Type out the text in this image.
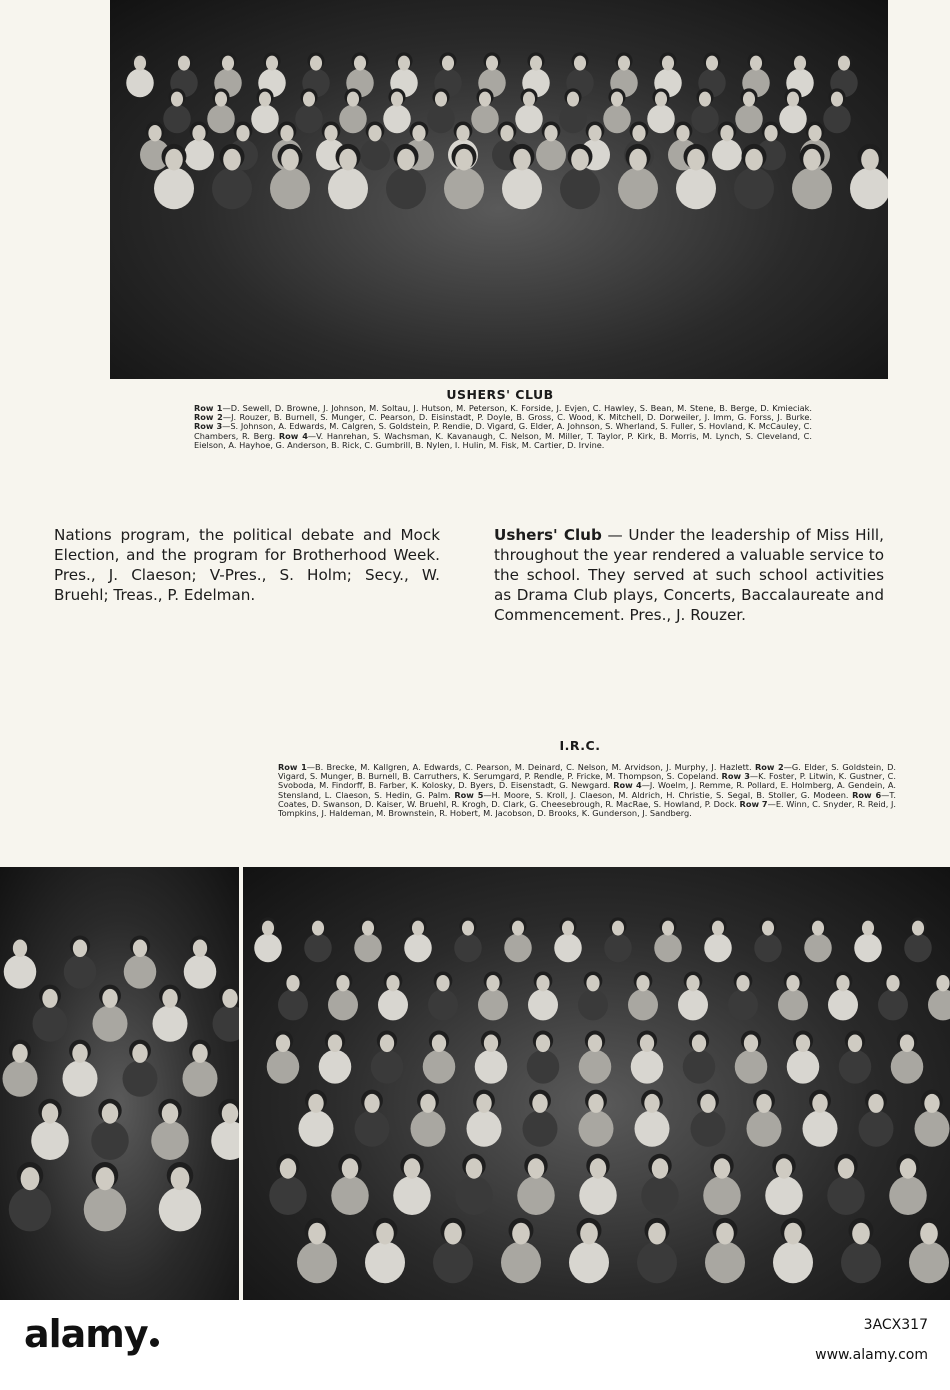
USHERS' CLUB

Row 1—D. Sewell, D. Browne, J. Johnson, M. Soltau, J. Hutson, M. Peterson, K. Forside, J. Evjen, C. Hawley, S. Bean, M. Stene, B. Berge, D. Kmieciak. Row 2—J. Rouzer, B. Burnell, S. Munger, C. Pearson, D. Eisinstadt, P. Doyle, B. Gross, C. Wood, K. Mitchell, D. Dorweiler, J. Imm, G. Forss, J. Burke. Row 3—S. Johnson, A. Edwards, M. Calgren, S. Goldstein, P. Rendie, D. Vigard, G. Elder, A. Johnson, S. Wherland, S. Fuller, S. Hovland, K. McCauley, C. Chambers, R. Berg. Row 4—V. Hanrehan, S. Wachsman, K. Kavanaugh, C. Nelson, M. Miller, T. Taylor, P. Kirk, B. Morris, M. Lynch, S. Cleveland, C. Eielson, A. Hayhoe, G. Anderson, B. Rick, C. Gumbrill, B. Nylen, I. Hulin, M. Fisk, M. Cartier, D. Irvine.

Nations program, the political debate and Mock Election, and the program for Brotherhood Week. Pres., J. Claeson; V-Pres., S. Holm; Secy., W. Bruehl; Treas., P. Edelman.

Ushers' Club — Under the leadership of Miss Hill, throughout the year rendered a valuable service to the school. They served at such school activities as Drama Club plays, Concerts, Baccalaureate and Commencement. Pres., J. Rouzer.

I.R.C.

Row 1—B. Brecke, M. Kallgren, A. Edwards, C. Pearson, M. Deinard, C. Nelson, M. Arvidson, J. Murphy, J. Hazlett. Row 2—G. Elder, S. Goldstein, D. Vigard, S. Munger, B. Burnell, B. Carruthers, K. Serumgard, P. Rendle, P. Fricke, M. Thompson, S. Copeland. Row 3—K. Foster, P. Litwin, K. Gustner, C. Svoboda, M. Findorff, B. Farber, K. Kolosky, D. Byers, D. Eisenstadt, G. Newgard. Row 4—J. Woelm, J. Remme, R. Pollard, E. Holmberg, A. Gendein, A. Stensland, L. Claeson, S. Hedin, G. Palm. Row 5—H. Moore, S. Kroll, J. Claeson, M. Aldrich, H. Christie, S. Segal, B. Stoller, G. Modeen. Row 6—T. Coates, D. Swanson, D. Kaiser, W. Bruehl, R. Krogh, D. Clark, G. Cheesebrough, R. MacRae, S. Howland, P. Dock. Row 7—E. Winn, C. Snyder, R. Reid, J. Tompkins, J. Haldeman, M. Brownstein, R. Hobert, M. Jacobson, D. Brooks, K. Gunderson, J. Sandberg.

alamy	3ACX317
www.alamy.com
